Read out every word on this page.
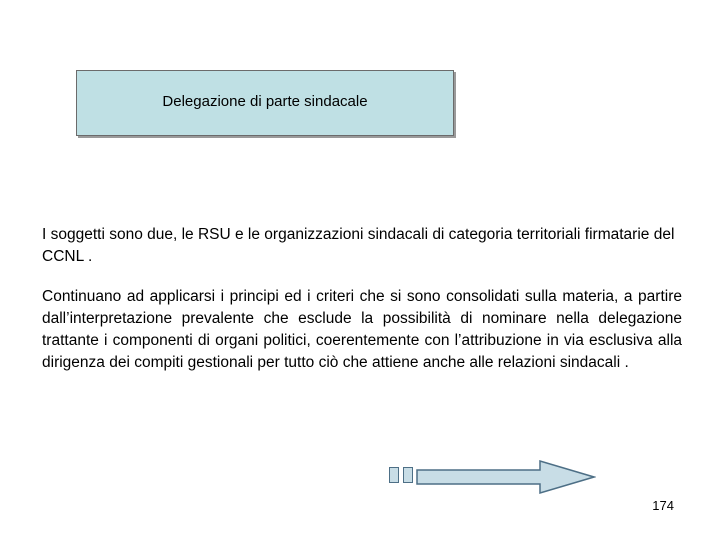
Delegazione di parte sindacale
I soggetti sono due, le RSU e le organizzazioni sindacali di categoria territoriali firmatarie del CCNL .
Continuano ad applicarsi i principi ed i criteri che si sono consolidati sulla materia, a partire dall’interpretazione prevalente che esclude la possibilità di nominare nella delegazione trattante i componenti di organi politici, coerentemente con l’attribuzione in via esclusiva alla dirigenza dei compiti gestionali per tutto ciò che attiene anche alle relazioni sindacali .
174
